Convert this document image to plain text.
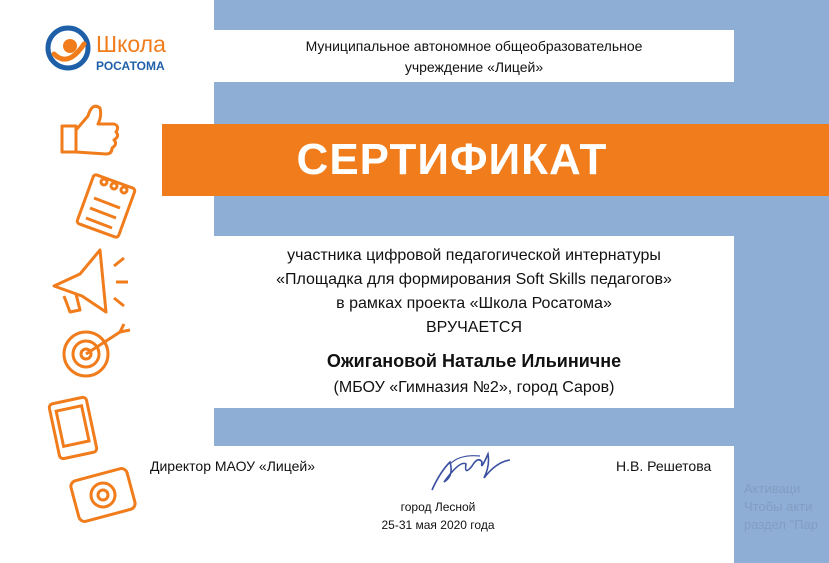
Школа
РОСАТОМА
Муниципальное автономное общеобразовательное
учреждение «Лицей»
СЕРТИФИКАТ
участника цифровой педагогической интернатуры
«Площадка для формирования Soft Skills педагогов»
в рамках проекта «Школа Росатома»
ВРУЧАЕТСЯ
Ожигановой Наталье Ильиничне
(МБОУ «Гимназия №2», город Саров)
Директор МАОУ «Лицей»	Н.В. Решетова
город Лесной
25-31 мая 2020 года
Активаци
Чтобы акти
раздел "Пар
